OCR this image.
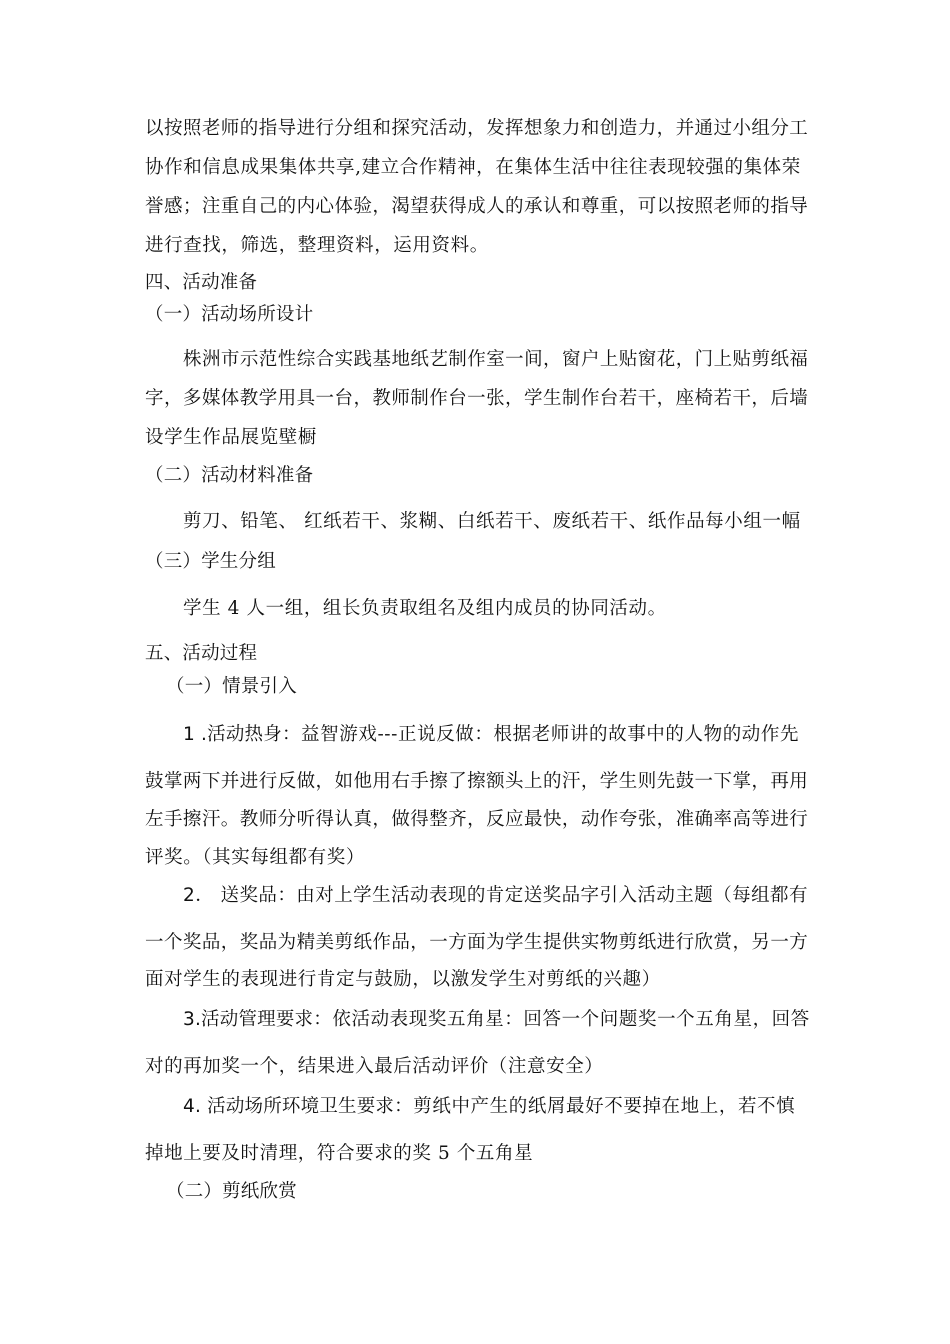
以按照老师的指导进行分组和探究活动，发挥想象力和创造力，并通过小组分工
协作和信息成果集体共享,建立合作精神，在集体生活中往往表现较强的集体荣
誉感；注重自己的内心体验，渴望获得成人的承认和尊重，可以按照老师的指导
进行查找，筛选，整理资料，运用资料。
四、活动准备
（一）活动场所设计
株洲市示范性综合实践基地纸艺制作室一间，窗户上贴窗花，门上贴剪纸福
字，多媒体教学用具一台，教师制作台一张，学生制作台若干，座椅若干，后墙
设学生作品展览壁橱
（二）活动材料准备
剪刀、铅笔、 红纸若干、浆糊、白纸若干、废纸若干、纸作品每小组一幅
（三）学生分组
学生 4 人一组，组长负责取组名及组内成员的协同活动。
五、活动过程
（一）情景引入
1 .活动热身：益智游戏---正说反做：根据老师讲的故事中的人物的动作先
鼓掌两下并进行反做，如他用右手擦了擦额头上的汗，学生则先鼓一下掌，再用
左手擦汗。教师分听得认真，做得整齐，反应最快，动作夸张，准确率高等进行
评奖。（其实每组都有奖）
2． 送奖品：由对上学生活动表现的肯定送奖品字引入活动主题（每组都有
一个奖品，奖品为精美剪纸作品，一方面为学生提供实物剪纸进行欣赏，另一方
面对学生的表现进行肯定与鼓励，以激发学生对剪纸的兴趣）
3.活动管理要求：依活动表现奖五角星：回答一个问题奖一个五角星，回答
对的再加奖一个，结果进入最后活动评价（注意安全）
4. 活动场所环境卫生要求：剪纸中产生的纸屑最好不要掉在地上，若不慎
掉地上要及时清理，符合要求的奖 5 个五角星
（二）剪纸欣赏
